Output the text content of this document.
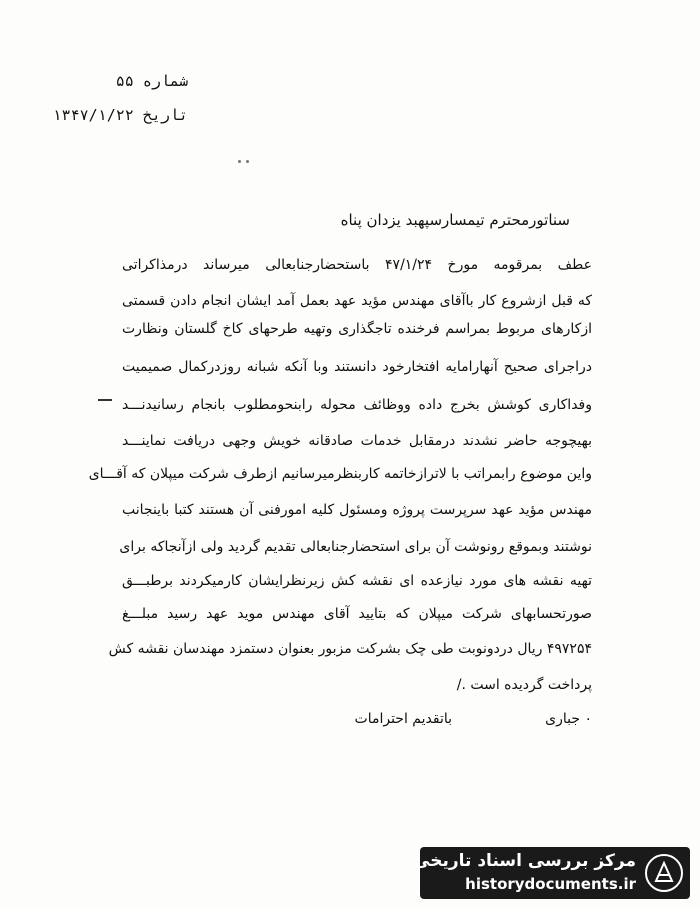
شماره ۵۵
تاریخ ۱۳۴۷/۱/۲۲
سناتورمحترم تیمسارسپهبد یزدان پناه
عطف بمرقومه مورخ ۴۷/۱/۲۴ باستحضارجنابعالی میرساند درمذاکراتی
که قبل ازشروع کار باآقای مهندس مؤید عهد بعمل آمد ایشان انجام دادن قسمتی
ازکارهای مربوط بمراسم فرخنده تاجگذاری وتهیه طرحهای کاخ گلستان ونظارت
دراجرای صحیح آنهارامایه افتخارخود دانستند وبا آنکه شبانه روزدرکمال صمیمیت
وفداکاری کوشش بخرج داده ووظائف محوله رابنحومطلوب بانجام رسانیدنـــد
بهیچوجه حاضر نشدند درمقابل خدمات صادقانه خویش وجهی دریافت نماینـــد
واین موضوع رابمراتب با لاترازخاتمه کاربنظرمیرسانیم ازطرف شرکت میپلان که آقـــای
مهندس مؤید عهد سرپرست پروژه ومسئول کلیه امورفنی آن هستند کتبا باینجانب
نوشتند وبموقع رونوشت آن برای استحضارجنابعالی تقدیم گردید ولی ازآنجاکه برای
تهیه نقشه های مورد نیازعده ای نقشه کش زیرنظرایشان کارمیکردند برطبـــق
صورتحسابهای شرکت میپلان که بتایید آقای مهندس موید عهد رسید مبلـــغ
۴۹۷۲۵۴ ریال دردونوبت طی چک بشرکت مزبور بعنوان دستمزد مهندسان نقشه کش
پرداخت گردیده است ./
باتقدیم احترامات	۰ جباری
مرکز بررسی اسناد تاریخی
historydocuments.ir
